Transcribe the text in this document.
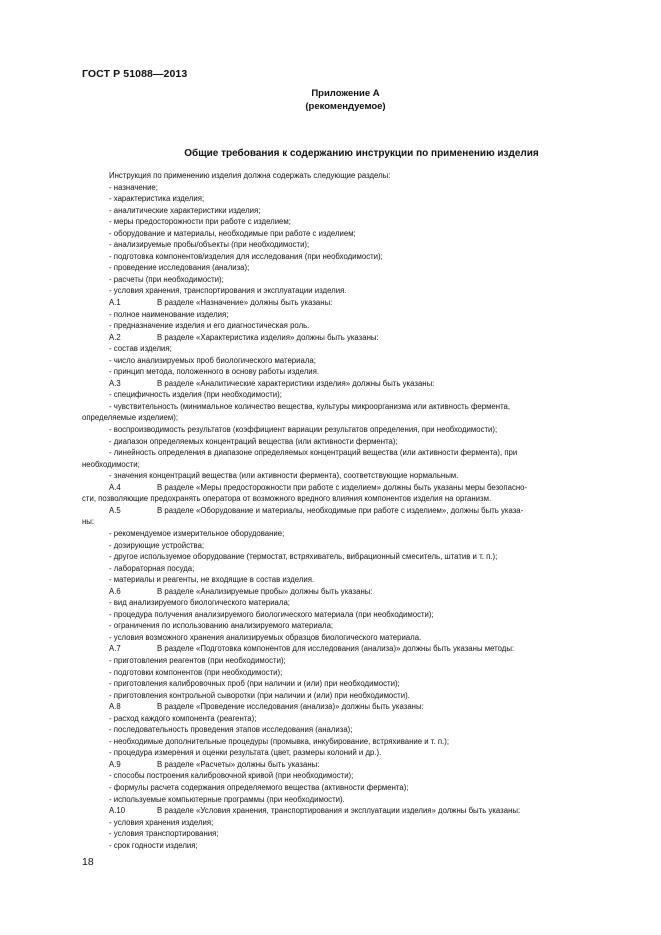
ГОСТ Р 51088—2013
Приложение А
(рекомендуемое)
Общие требования к содержанию инструкции по применению изделия
Инструкция по применению изделия должна содержать следующие разделы:
- назначение;
- характеристика изделия;
- аналитические характеристики изделия;
- меры предосторожности при работе с изделием;
- оборудование и материалы, необходимые при работе с изделием;
- анализируемые пробы/объекты (при необходимости);
- подготовка компонентов/изделия для исследования (при необходимости);
- проведение исследования (анализа);
- расчеты (при необходимости);
- условия хранения, транспортирования и эксплуатации изделия.
А.1	В разделе «Назначение» должны быть указаны:
- полное наименование изделия;
- предназначение изделия и его диагностическая роль.
А.2	В разделе «Характеристика изделия» должны быть указаны:
- состав изделия;
- число анализируемых проб биологического материала;
- принцип метода, положенного в основу работы изделия.
А.3	В разделе «Аналитические характеристики изделия» должны быть указаны:
- специфичность изделия (при необходимости);
- чувствительность (минимальное количество вещества, культуры микроорганизма или активность фермента,
определяемые изделием);
- воспроизводимость результатов (коэффициент вариации результатов определения, при необходимости);
- диапазон определяемых концентраций вещества (или активности фермента);
- линейность определения в диапазоне определяемых концентраций вещества (или активности фермента), при
необходимости;
- значения концентраций вещества (или активности фермента), соответствующие нормальным.
А.4	В разделе «Меры предосторожности при работе с изделием» должны быть указаны меры безопасно-
сти, позволяющие предохранять оператора от возможного вредного влияния компонентов изделия на организм.
А.5	В разделе «Оборудование и материалы, необходимые при работе с изделием», должны быть указа-
ны:
- рекомендуемое измерительное оборудование;
- дозирующие устройства;
- другое используемое оборудование (термостат, встряхиватель, вибрационный смеситель, штатив и т. п.);
- лабораторная посуда;
- материалы и реагенты, не входящие в состав изделия.
А.6	В разделе «Анализируемые пробы» должны быть указаны:
- вид анализируемого биологического материала;
- процедура получения анализируемого биологического материала (при необходимости);
- ограничения по использованию анализируемого материала;
- условия возможного хранения анализируемых образцов биологического материала.
А.7	В разделе «Подготовка компонентов для исследования (анализа)» должны быть указаны методы:
- приготовления реагентов (при необходимости);
- подготовки компонентов (при необходимости);
- приготовления калибровочных проб (при наличии и (или) при необходимости);
- приготовления контрольной сыворотки (при наличии и (или) при необходимости).
А.8	В разделе «Проведение исследования (анализа)» должны быть указаны:
- расход каждого компонента (реагента);
- последовательность проведения этапов исследования (анализа);
- необходимые дополнительные процедуры (промывка, инкубирование, встряхивание и т. п.);
- процедура измерения и оценки результата (цвет, размеры колоний и др.).
А.9	В разделе «Расчеты» должны быть указаны:
- способы построения калибровочной кривой (при необходимости);
- формулы расчета содержания определяемого вещества (активности фермента);
- используемые компьютерные программы (при необходимости).
А.10	В разделе «Условия хранения, транспортирования и эксплуатации изделия» должны быть указаны:
- условия хранения изделия;
- условия транспортирования;
- срок годности изделия;
18
